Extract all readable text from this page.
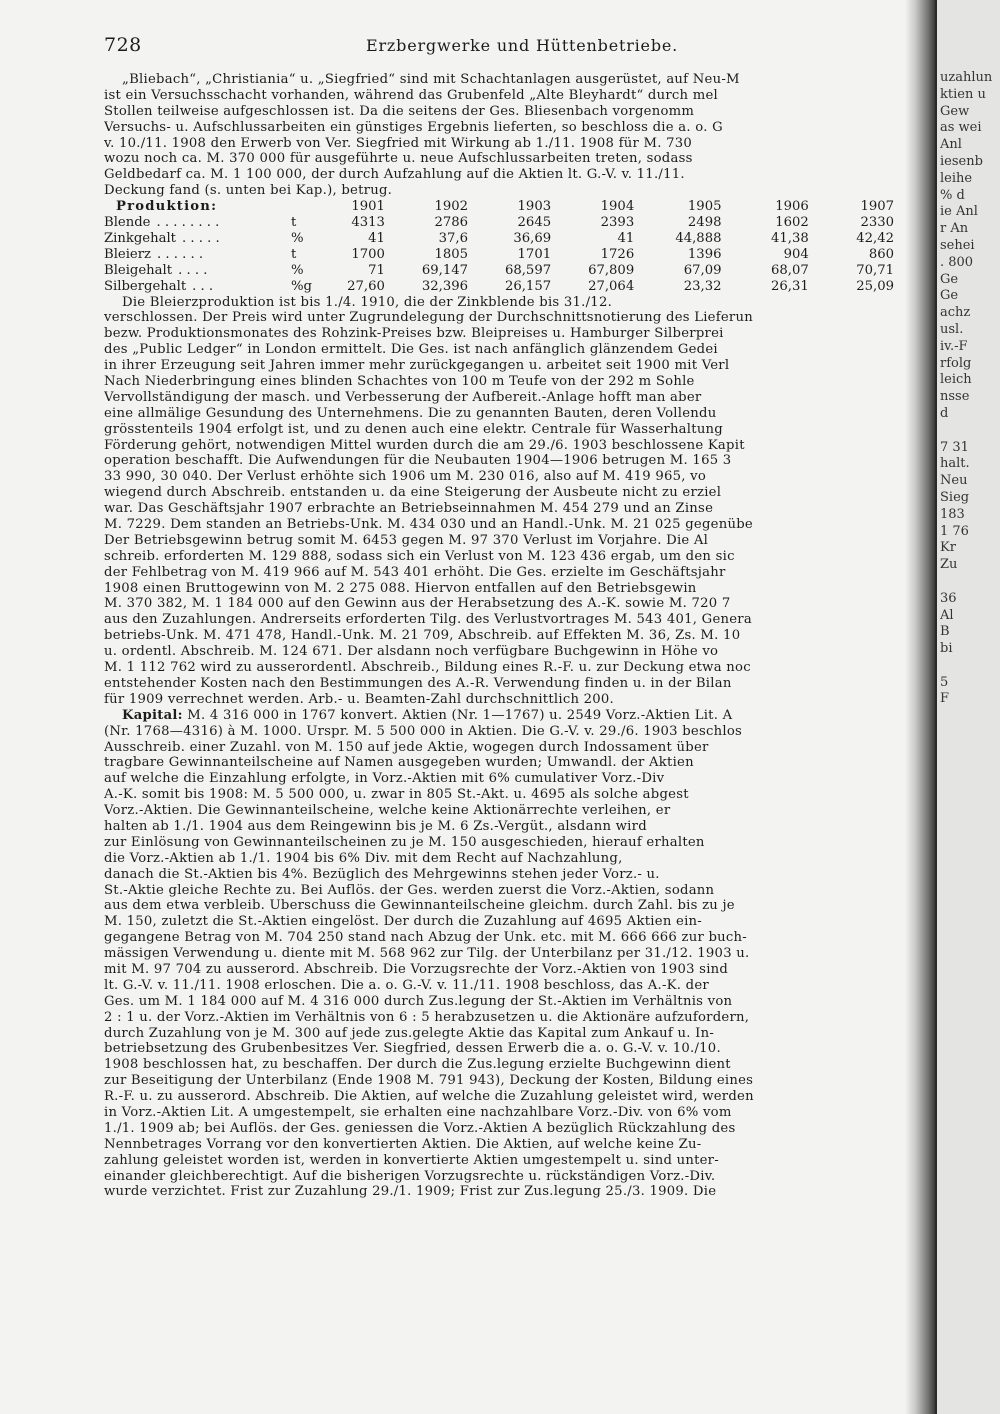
728	Erzbergwerke und Hüttenbetriebe.
„Bliebach“, „Christiania“ u. „Siegfried“ sind mit Schachtanlagen ausgerüstet, auf Neu-M
ist ein Versuchsschacht vorhanden, während das Grubenfeld „Alte Bleyhardt“ durch mel
Stollen teilweise aufgeschlossen ist. Da die seitens der Ges. Bliesenbach vorgenomm
Versuchs- u. Aufschlussarbeiten ein günstiges Ergebnis lieferten, so beschloss die a. o. G
v. 10./11. 1908 den Erwerb von Ver. Siegfried mit Wirkung ab 1./11. 1908 für M. 730
wozu noch ca. M. 370 000 für ausgeführte u. neue Aufschlussarbeiten treten, sodass
Geldbedarf ca. M. 1 100 000, der durch Aufzahlung auf die Aktien lt. G.-V. v. 11./11.
Deckung fand (s. unten bei Kap.), betrug.
Produktion:		1901	1902	1903	1904	1905	1906	1907
Blende . . . . . . . .	t	4313	2786	2645	2393	2498	1602	2330
Zinkgehalt . . . . .	%	41	37,6	36,69	41	44,888	41,38	42,42
Bleierz . . . . . .	t	1700	1805	1701	1726	1396	904	860
Bleigehalt . . . .	%	71	69,147	68,597	67,809	67,09	68,07	70,71
Silbergehalt . . .	%g	27,60	32,396	26,157	27,064	23,32	26,31	25,09
Die Bleierzproduktion ist bis 1./4. 1910, die der Zinkblende bis 31./12.
verschlossen. Der Preis wird unter Zugrundelegung der Durchschnittsnotierung des Lieferun
bezw. Produktionsmonates des Rohzink-Preises bzw. Bleipreises u. Hamburger Silberprei
des „Public Ledger“ in London ermittelt. Die Ges. ist nach anfänglich glänzendem Gedei
in ihrer Erzeugung seit Jahren immer mehr zurückgegangen u. arbeitet seit 1900 mit Verl
Nach Niederbringung eines blinden Schachtes von 100 m Teufe von der 292 m Sohle
Vervollständigung der masch. und Verbesserung der Aufbereit.-Anlage hofft man aber
eine allmälige Gesundung des Unternehmens. Die zu genannten Bauten, deren Vollendu
grösstenteils 1904 erfolgt ist, und zu denen auch eine elektr. Centrale für Wasserhaltung
Förderung gehört, notwendigen Mittel wurden durch die am 29./6. 1903 beschlossene Kapit
operation beschafft. Die Aufwendungen für die Neubauten 1904—1906 betrugen M. 165 3
33 990, 30 040. Der Verlust erhöhte sich 1906 um M. 230 016, also auf M. 419 965, vo
wiegend durch Abschreib. entstanden u. da eine Steigerung der Ausbeute nicht zu erziel
war. Das Geschäftsjahr 1907 erbrachte an Betriebseinnahmen M. 454 279 und an Zinse
M. 7229. Dem standen an Betriebs-Unk. M. 434 030 und an Handl.-Unk. M. 21 025 gegenübe
Der Betriebsgewinn betrug somit M. 6453 gegen M. 97 370 Verlust im Vorjahre. Die Al
schreib. erforderten M. 129 888, sodass sich ein Verlust von M. 123 436 ergab, um den sic
der Fehlbetrag von M. 419 966 auf M. 543 401 erhöht. Die Ges. erzielte im Geschäftsjahr
1908 einen Bruttogewinn von M. 2 275 088. Hiervon entfallen auf den Betriebsgewin
M. 370 382, M. 1 184 000 auf den Gewinn aus der Herabsetzung des A.-K. sowie M. 720 7
aus den Zuzahlungen. Andrerseits erforderten Tilg. des Verlustvortrages M. 543 401, Genera
betriebs-Unk. M. 471 478, Handl.-Unk. M. 21 709, Abschreib. auf Effekten M. 36, Zs. M. 10
u. ordentl. Abschreib. M. 124 671. Der alsdann noch verfügbare Buchgewinn in Höhe vo
M. 1 112 762 wird zu ausserordentl. Abschreib., Bildung eines R.-F. u. zur Deckung etwa noc
entstehender Kosten nach den Bestimmungen des A.-R. Verwendung finden u. in der Bilan
für 1909 verrechnet werden. Arb.- u. Beamten-Zahl durchschnittlich 200.
Kapital: M. 4 316 000 in 1767 konvert. Aktien (Nr. 1—1767) u. 2549 Vorz.-Aktien Lit. A
(Nr. 1768—4316) à M. 1000. Urspr. M. 5 500 000 in Aktien. Die G.-V. v. 29./6. 1903 beschlos
Ausschreib. einer Zuzahl. von M. 150 auf jede Aktie, wogegen durch Indossament über
tragbare Gewinnanteilscheine auf Namen ausgegeben wurden; Umwandl. der Aktien
auf welche die Einzahlung erfolgte, in Vorz.-Aktien mit 6% cumulativer Vorz.-Div
A.-K. somit bis 1908: M. 5 500 000, u. zwar in 805 St.-Akt. u. 4695 als solche abgest
Vorz.-Aktien. Die Gewinnanteilscheine, welche keine Aktionärrechte verleihen, er
halten ab 1./1. 1904 aus dem Reingewinn bis je M. 6 Zs.-Vergüt., alsdann wird
zur Einlösung von Gewinnanteilscheinen zu je M. 150 ausgeschieden, hierauf erhalten
die Vorz.-Aktien ab 1./1. 1904 bis 6% Div. mit dem Recht auf Nachzahlung,
danach die St.-Aktien bis 4%. Bezüglich des Mehrgewinns stehen jeder Vorz.- u.
St.-Aktie gleiche Rechte zu. Bei Auflös. der Ges. werden zuerst die Vorz.-Aktien, sodann
aus dem etwa verbleib. Überschuss die Gewinnanteilscheine gleichm. durch Zahl. bis zu je
M. 150, zuletzt die St.-Aktien eingelöst. Der durch die Zuzahlung auf 4695 Aktien ein-
gegangene Betrag von M. 704 250 stand nach Abzug der Unk. etc. mit M. 666 666 zur buch-
mässigen Verwendung u. diente mit M. 568 962 zur Tilg. der Unterbilanz per 31./12. 1903 u.
mit M. 97 704 zu ausserord. Abschreib. Die Vorzugsrechte der Vorz.-Aktien von 1903 sind
lt. G.-V. v. 11./11. 1908 erloschen. Die a. o. G.-V. v. 11./11. 1908 beschloss, das A.-K. der
Ges. um M. 1 184 000 auf M. 4 316 000 durch Zus.legung der St.-Aktien im Verhältnis von
2 : 1 u. der Vorz.-Aktien im Verhältnis von 6 : 5 herabzusetzen u. die Aktionäre aufzufordern,
durch Zuzahlung von je M. 300 auf jede zus.gelegte Aktie das Kapital zum Ankauf u. In-
betriebsetzung des Grubenbesitzes Ver. Siegfried, dessen Erwerb die a. o. G.-V. v. 10./10.
1908 beschlossen hat, zu beschaffen. Der durch die Zus.legung erzielte Buchgewinn dient
zur Beseitigung der Unterbilanz (Ende 1908 M. 791 943), Deckung der Kosten, Bildung eines
R.-F. u. zu ausserord. Abschreib. Die Aktien, auf welche die Zuzahlung geleistet wird, werden
in Vorz.-Aktien Lit. A umgestempelt, sie erhalten eine nachzahlbare Vorz.-Div. von 6% vom
1./1. 1909 ab; bei Auflös. der Ges. geniessen die Vorz.-Aktien A bezüglich Rückzahlung des
Nennbetrages Vorrang vor den konvertierten Aktien. Die Aktien, auf welche keine Zu-
zahlung geleistet worden ist, werden in konvertierte Aktien umgestempelt u. sind unter-
einander gleichberechtigt. Auf die bisherigen Vorzugsrechte u. rückständigen Vorz.-Div.
wurde verzichtet. Frist zur Zuzahlung 29./1. 1909; Frist zur Zus.legung 25./3. 1909. Die
uzahlun
ktien u
Gew
as wei
Anl
iesenb
leihe
% d
ie Anl
r An
sehei
. 800
Ge
Ge
achz
usl.
iv.-F
rfolg
leich
nsse
d
7 31
halt.
Neu
Sieg
183
1 76
Kr
Zu
36
Al
B
bi
5
F
